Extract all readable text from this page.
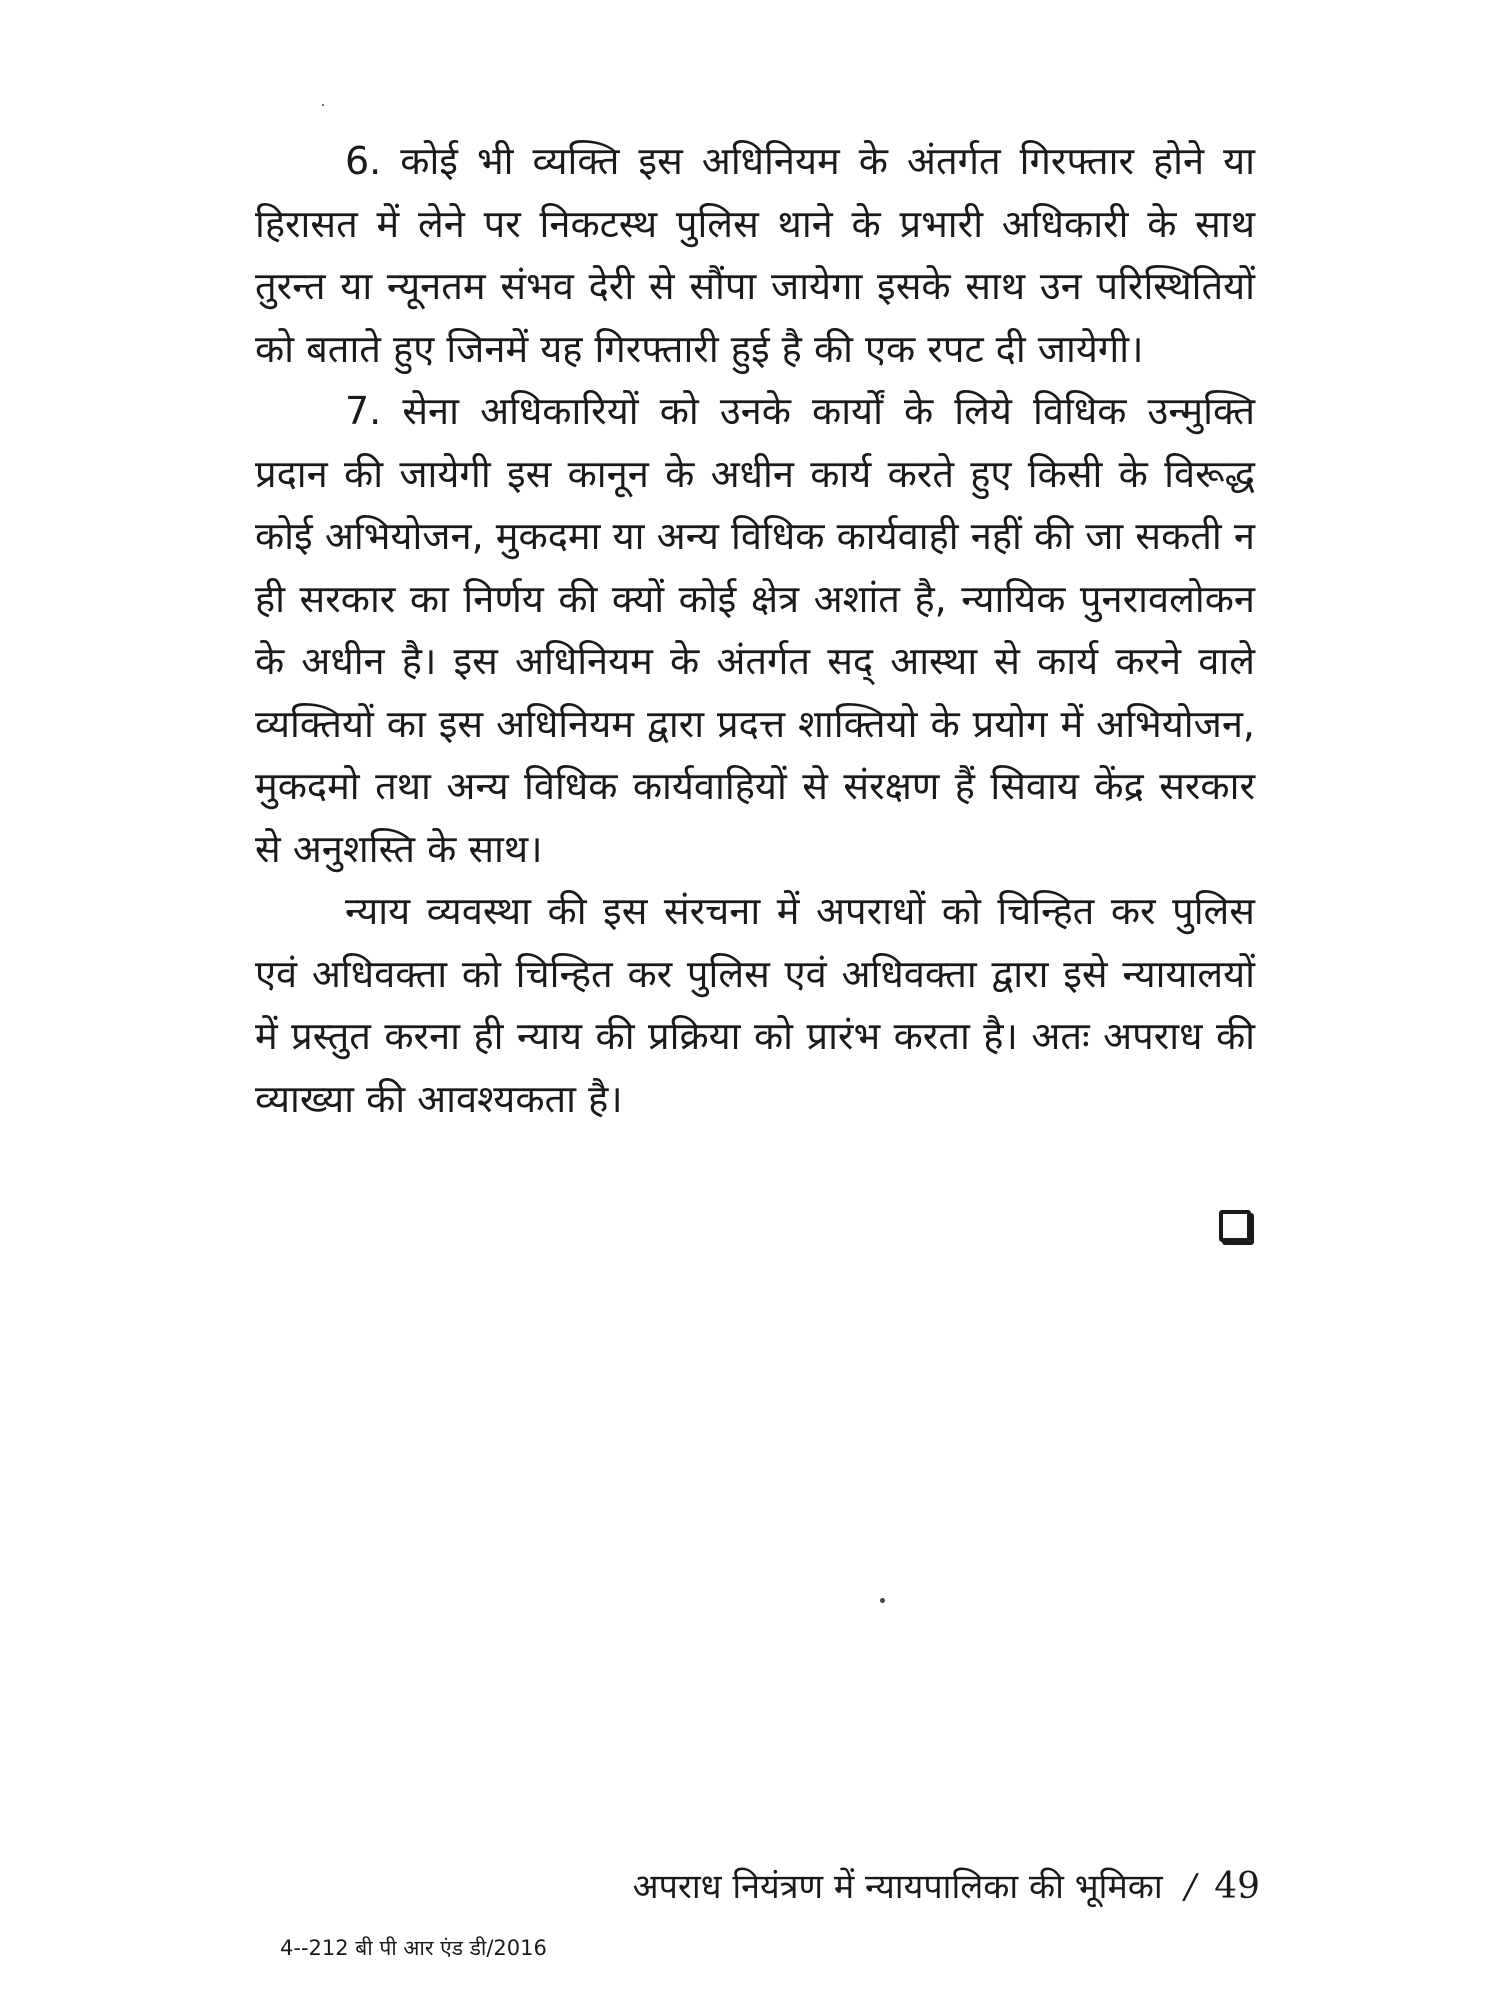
6. कोई भी व्यक्ति इस अधिनियम के अंतर्गत गिरफ्तार होने या हिरासत में लेने पर निकटस्थ पुलिस थाने के प्रभारी अधिकारी के साथ तुरन्त या न्यूनतम संभव देरी से सौंपा जायेगा इसके साथ उन परिस्थितियों को बताते हुए जिनमें यह गिरफ्तारी हुई है की एक रपट दी जायेगी।

7. सेना अधिकारियों को उनके कार्यों के लिये विधिक उन्मुक्ति प्रदान की जायेगी इस कानून के अधीन कार्य करते हुए किसी के विरूद्ध कोई अभियोजन, मुकदमा या अन्य विधिक कार्यवाही नहीं की जा सकती न ही सरकार का निर्णय की क्यों कोई क्षेत्र अशांत है, न्यायिक पुनरावलोकन के अधीन है। इस अधिनियम के अंतर्गत सद् आस्था से कार्य करने वाले व्यक्तियों का इस अधिनियम द्वारा प्रदत्त शाक्तियो के प्रयोग में अभियोजन, मुकदमो तथा अन्य विधिक कार्यवाहियों से संरक्षण हैं सिवाय केंद्र सरकार से अनुशस्ति के साथ।

न्याय व्यवस्था की इस संरचना में अपराधों को चिन्हित कर पुलिस एवं अधिवक्ता को चिन्हित कर पुलिस एवं अधिवक्ता द्वारा इसे न्यायालयों में प्रस्तुत करना ही न्याय की प्रक्रिया को प्रारंभ करता है। अतः अपराध की व्याख्या की आवश्यकता है।

अपराध नियंत्रण में न्यायपालिका की भूमिका / 49
4--212 बी पी आर एंड डी/2016
